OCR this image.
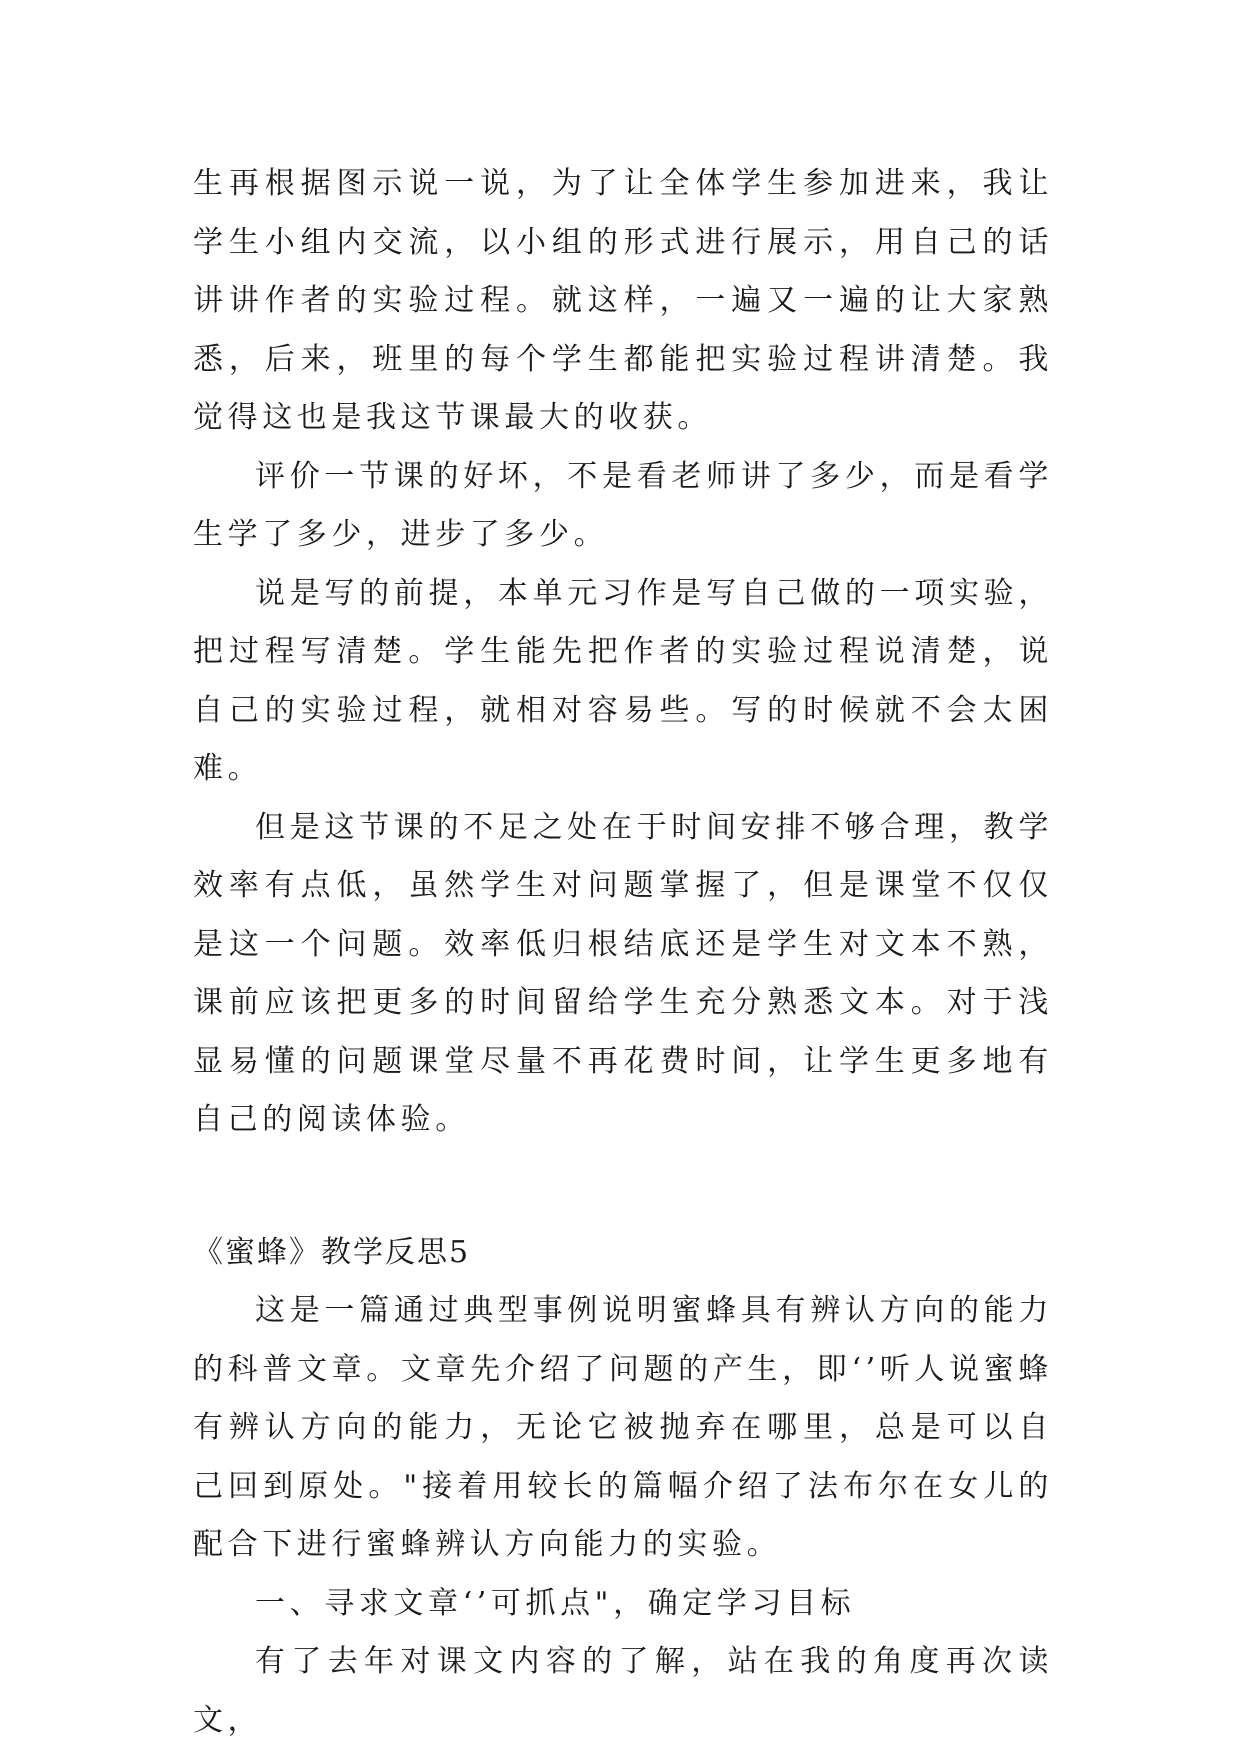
生再根据图示说一说，为了让全体学生参加进来，我让学生小组内交流，以小组的形式进行展示，用自己的话讲讲作者的实验过程。就这样，一遍又一遍的让大家熟悉，后来，班里的每个学生都能把实验过程讲清楚。我觉得这也是我这节课最大的收获。

评价一节课的好坏，不是看老师讲了多少，而是看学生学了多少，进步了多少。

说是写的前提，本单元习作是写自己做的一项实验，把过程写清楚。学生能先把作者的实验过程说清楚，说自己的实验过程，就相对容易些。写的时候就不会太困难。

但是这节课的不足之处在于时间安排不够合理，教学效率有点低，虽然学生对问题掌握了，但是课堂不仅仅是这一个问题。效率低归根结底还是学生对文本不熟，课前应该把更多的时间留给学生充分熟悉文本。对于浅显易懂的问题课堂尽量不再花费时间，让学生更多地有自己的阅读体验。

《蜜蜂》教学反思5

这是一篇通过典型事例说明蜜蜂具有辨认方向的能力的科普文章。文章先介绍了问题的产生，即‘’听人说蜜蜂有辨认方向的能力，无论它被抛弃在哪里，总是可以自己回到原处。"接着用较长的篇幅介绍了法布尔在女儿的配合下进行蜜蜂辨认方向能力的实验。

一、寻求文章‘’可抓点"，确定学习目标

有了去年对课文内容的了解，站在我的角度再次读文，
